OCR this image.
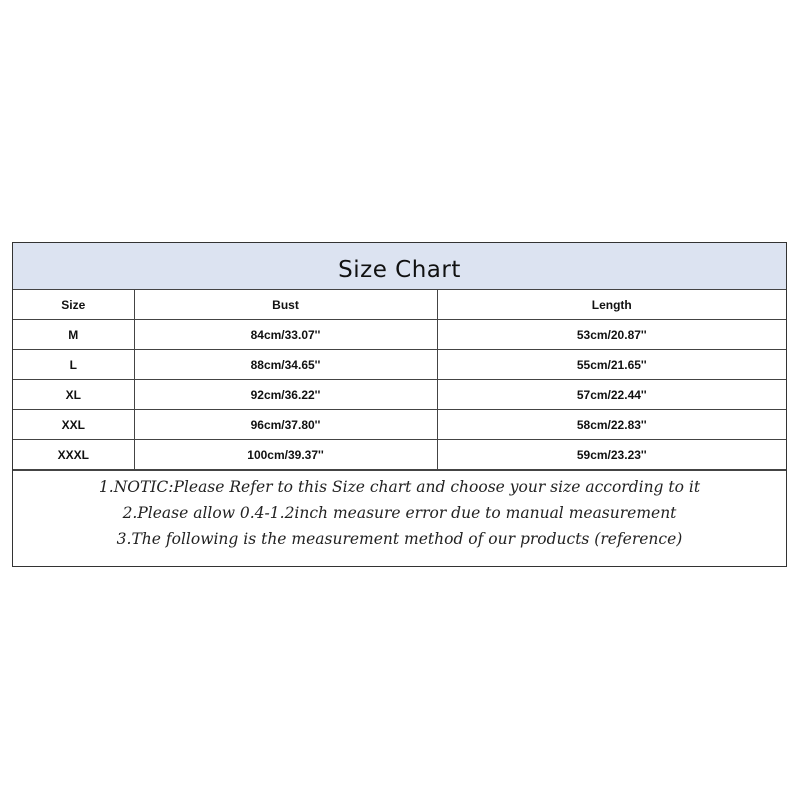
Size Chart
Size	Bust	Length
M	84cm/33.07''	53cm/20.87''
L	88cm/34.65''	55cm/21.65''
XL	92cm/36.22''	57cm/22.44''
XXL	96cm/37.80''	58cm/22.83''
XXXL	100cm/39.37''	59cm/23.23''
1.NOTIC:Please Refer to this Size chart and choose your size according to it
2.Please allow 0.4-1.2inch measure error due to manual measurement
3.The following is the measurement method of our products (reference)
